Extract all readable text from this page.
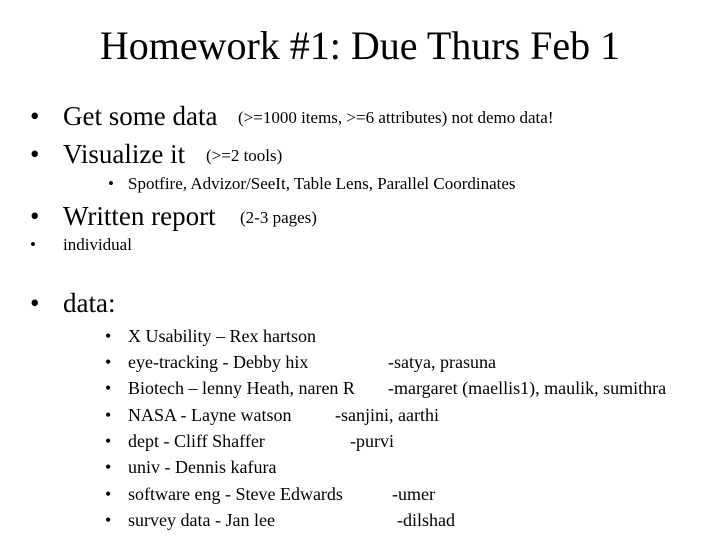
Homework #1: Due Thurs Feb 1
• Get some data (>=1000 items, >=6 attributes) not demo data!
• Visualize it (>=2 tools)
• Spotfire, Advizor/SeeIt, Table Lens, Parallel Coordinates
• Written report (2-3 pages)
• individual
• data:
• X Usability – Rex hartson
• eye-tracking - Debby hix	-satya, prasuna
• Biotech – lenny Heath, naren R -margaret (maellis1), maulik, sumithra
• NASA - Layne watson -sanjini, aarthi
• dept - Cliff Shaffer	-purvi
• univ - Dennis kafura
• software eng - Steve Edwards	-umer
• survey data - Jan lee	-dilshad
